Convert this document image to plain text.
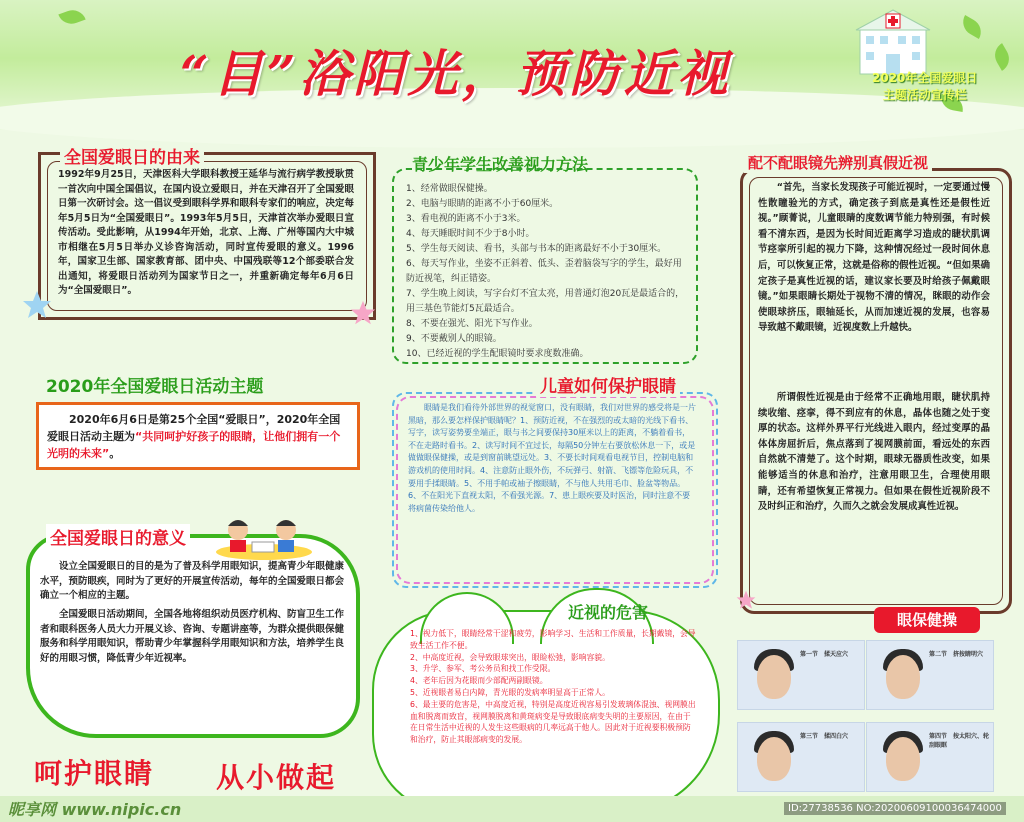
“目”浴阳光，预防近视	2020年全国爱眼日
主题活动宣传栏
全国爱眼日的由来
1992年9月25日，天津医科大学眼科教授王延华与流行病学教授耿贯一首次向中国全国倡议，在国内设立爱眼日，并在天津召开了全国爱眼日第一次研讨会。这一倡议受到眼科学界和眼科专家们的响应，决定每年5月5日为“全国爱眼日”。1993年5月5日，天津首次举办爱眼日宣传活动。受此影响，从1994年开始，北京、上海、广州等国内大中城市相继在5月5日举办义诊咨询活动，同时宣传爱眼的意义。1996年，国家卫生部、国家教育部、团中央、中国残联等12个部委联合发出通知，将爱眼日活动列为国家节日之一，并重新确定每年6月6日为“全国爱眼日”。
青少年学生改善视力方法
1、经常做眼保健操。
2、电脑与眼睛的距离不小于60厘米。
3、看电视的距离不小于3米。
4、每天睡眠时间不少于8小时。
5、学生每天阅读、看书，头部与书本的距离最好不小于30厘米。
6、每天写作业，坐姿不正斜着、低头、歪着脑袋写字的学生，最好用防近视笔，纠正错姿。
7、学生晚上阅读，写字台灯不宜太亮，用普通灯泡20瓦是最适合的，用三基色节能灯5瓦最适合。
8、不要在强光、阳光下写作业。
9、不要戴别人的眼镜。
10、已经近视的学生配眼镜时要求度数准确。
配不配眼镜先辨别真假近视
“首先，当家长发现孩子可能近视时，一定要通过慢性散瞳验光的方式，确定孩子到底是真性还是假性近视。”顾菁说，儿童眼睛的度数调节能力特别强，有时候看不清东西，是因为长时间近距离学习造成的睫状肌调节痉挛所引起的视力下降，这种情况经过一段时间休息后，可以恢复正常，这就是俗称的假性近视。“但如果确定孩子是真性近视的话，建议家长要及时给孩子佩戴眼镜。”如果眼睛长期处于视物不清的情况，眯眼的动作会使眼球挤压，眼轴延长，从而加速近视的发展，也容易导致越不戴眼镜，近视度数上升越快。
所谓假性近视是由于经常不正确地用眼，睫状肌持续收缩、痉挛，得不到应有的休息，晶体也随之处于变厚的状态。这样外界平行光线进入眼内，经过变厚的晶体体房屈折后，焦点落到了视网膜前面，看远处的东西自然就不清楚了。这个时期，眼球无器质性改变，如果能够适当的休息和治疗，注意用眼卫生，合理使用眼睛，还有希望恢复正常视力。但如果在假性近视阶段不及时纠正和治疗，久而久之就会发展成真性近视。
2020年全国爱眼日活动主题
2020年6月6日是第25个全国“爱眼日”，2020年全国爱眼日活动主题为“共同呵护好孩子的眼睛，让他们拥有一个光明的未来”。
儿童如何保护眼睛
眼睛是我们看待外部世界的视觉窗口，没有眼睛，我们对世界的感受将是一片黑暗，那么要怎样保护眼睛呢？1、预防近视，不在强烈的或太暗的光线下看书、写字，读写姿势要坐端正，眼与书之间要保持30厘米以上的距离，不躺着看书，不在走路时看书。2、读写时间不宜过长，每隔50分钟左右要放松休息一下，或是做做眼保健操，或是到窗前眺望远处。3、不要长时间观看电视节目，控制电脑和游戏机的使用时间。4、注意防止眼外伤，不玩弹弓、射箭、飞镖等危险玩具，不要用手揉眼睛。5、不用手帕或袖子擦眼睛，不与他人共用毛巾、脸盆等物品。6、不在阳光下直视太阳，不看强光源。7、患上眼疾要及时医治，同时注意不要将病菌传染给他人。
全国爱眼日的意义
设立全国爱眼日的目的是为了普及科学用眼知识，提高青少年眼健康水平，预防眼疾，同时为了更好的开展宣传活动，每年的全国爱眼日都会确立一个相应的主题。
全国爱眼日活动期间，全国各地将组织动员医疗机构、防盲卫生工作者和眼科医务人员大力开展义诊、咨询、专题讲座等，为群众提供眼保健服务和科学用眼知识，帮助青少年掌握科学用眼知识和方法，培养学生良好的用眼习惯，降低青少年近视率。
近视的危害
1、视力低下，眼睛经常干涩和疲劳，影响学习、生活和工作质量，长期戴镜，会导致生活工作不便。
2、中高度近视，会导致眼球突出，眼睑松弛，影响容貌。
3、升学、参军、考公务员和找工作受限。
4、老年后因为花眼而少部配两副眼镜。
5、近视眼者易白内障，青光眼的发病率明显高于正常人。
6、最主要的危害是，中高度近视，特别是高度近视容易引发玻璃体混浊、视网膜出血和脱离而致盲，视网膜脱离和黄斑病变是导致眼底病变失明的主要原因，在由于在日常生活中近视的人发生这些眼病的几率远高于他人。因此对于近视要积极预防和治疗，防止其眼部病变的发展。
眼保健操
第一节　揉天应穴	第二节　挤按睛明穴
第三节　揉四白穴	第四节　按太阳穴、轮刮眼眶
呵护眼睛 从小做起
昵享网 www.nipic.cn	ID:27738536 NO:20200609100036474000
